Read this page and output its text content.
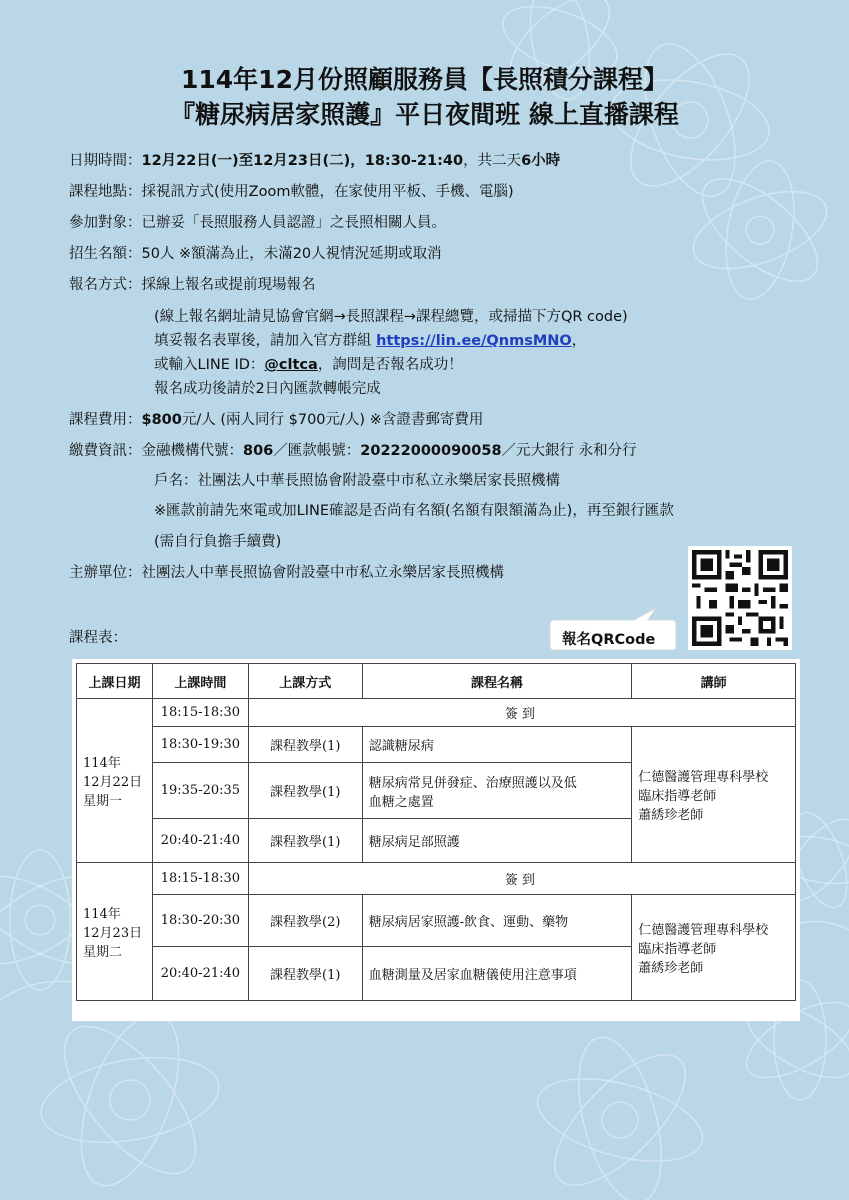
114年12月份照顧服務員【長照積分課程】
『糖尿病居家照護』平日夜間班 線上直播課程
日期時間：12月22日(一)至12月23日(二)，18:30-21:40，共二天6小時
課程地點：採視訊方式(使用Zoom軟體，在家使用平板、手機、電腦)
參加對象：已辦妥「長照服務人員認證」之長照相關人員。
招生名額：50人 ※額滿為止，未滿20人視情況延期或取消
報名方式：採線上報名或提前現場報名
(線上報名網址請見協會官網→長照課程→課程總覽，或掃描下方QR code)
填妥報名表單後，請加入官方群組 https://lin.ee/QnmsMNO，
或輸入LINE ID：@cltca，詢問是否報名成功！
報名成功後請於2日內匯款轉帳完成
課程費用：$800元/人 (兩人同行 $700元/人) ※含證書郵寄費用
繳費資訊：金融機構代號：806／匯款帳號：20222000090058／元大銀行 永和分行
戶名：社團法人中華長照協會附設臺中市私立永樂居家長照機構
※匯款前請先來電或加LINE確認是否尚有名額(名額有限額滿為止)，再至銀行匯款
(需自行負擔手續費)
主辦單位：社團法人中華長照協會附設臺中市私立永樂居家長照機構
報名QRCode
課程表：
上課日期	上課時間	上課方式	課程名稱	講師

114年
12月22日
星期一	18:15-18:30	簽到		
	18:30-19:30	課程教學(1)	認識糖尿病	仁德醫護管理專科學校
臨床指導老師
蕭綉珍老師

	19:35-20:35	課程教學(1)	糖尿病常見併發症、治療照護以及低
血糖之處置	

	20:40-21:40	課程教學(1)	糖尿病足部照護	

114年
12月23日
星期二	18:15-18:30	簽到		
	18:30-20:30	課程教學(2)	糖尿病居家照護-飲食、運動、藥物	仁德醫護管理專科學校
臨床指導老師
蕭綉珍老師

	20:40-21:40	課程教學(1)	血糖測量及居家血糖儀使用注意事項	
